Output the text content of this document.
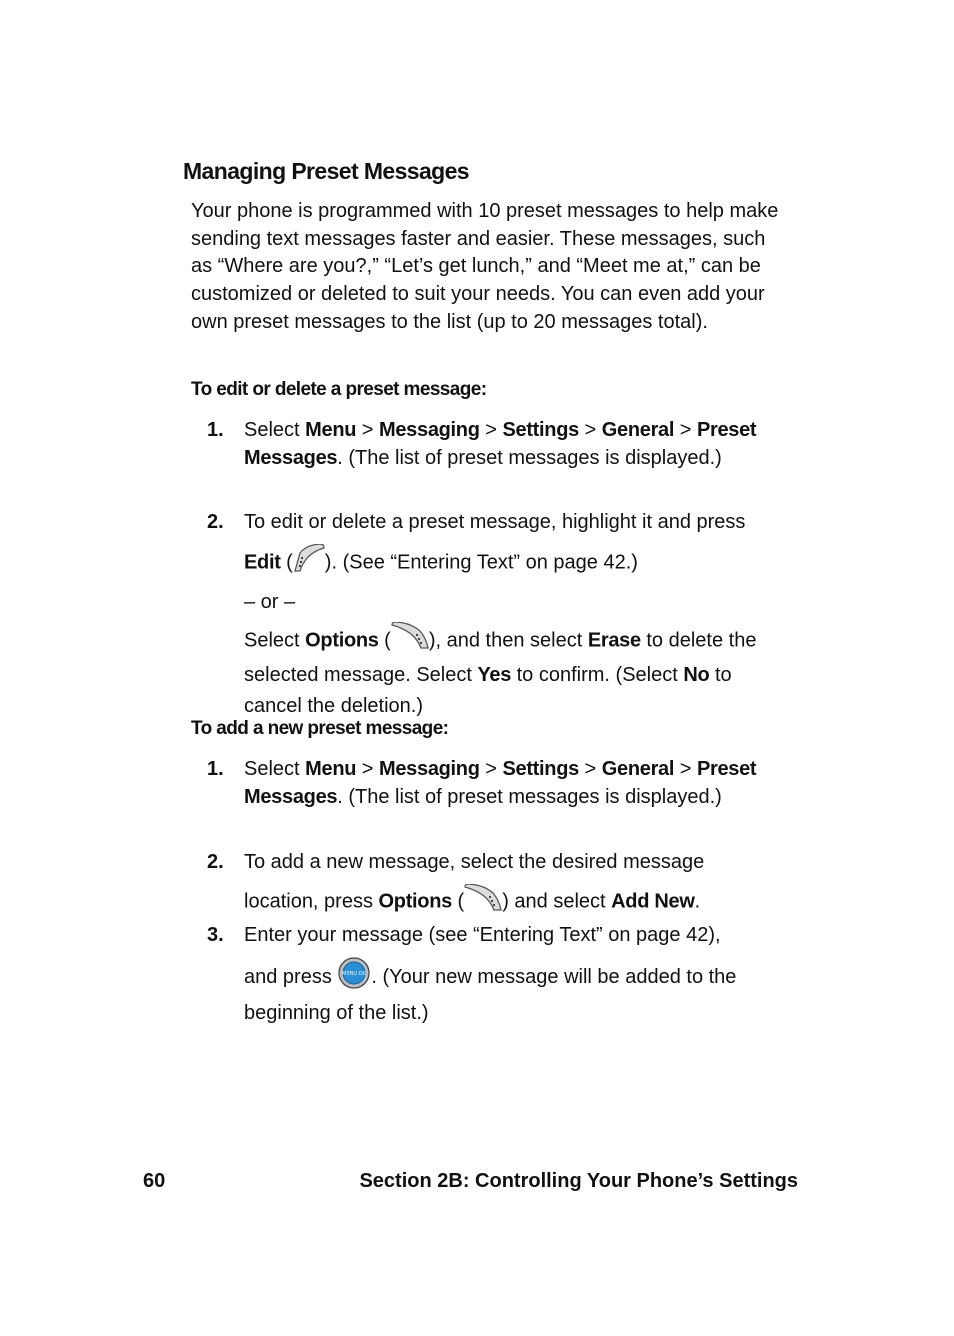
Managing Preset Messages

Your phone is programmed with 10 preset messages to help make sending text messages faster and easier. These messages, such as “Where are you?,” “Let’s get lunch,” and “Meet me at,” can be customized or deleted to suit your needs. You can even add your own preset messages to the list (up to 20 messages total).

To edit or delete a preset message:

1. Select Menu > Messaging > Settings > General > Preset Messages. (The list of preset messages is displayed.)
2. To edit or delete a preset message, highlight it and press
Edit ( ). (See “Entering Text” on page 42.)
– or –
Select Options ( ), and then select Erase to delete the selected message. Select Yes to confirm. (Select No to cancel the deletion.)

To add a new preset message:

1. Select Menu > Messaging > Settings > General > Preset Messages. (The list of preset messages is displayed.)
2. To add a new message, select the desired message
location, press Options ( ) and select Add New.
3. Enter your message (see “Entering Text” on page 42),
and press MENU OK . (Your new message will be added to the beginning of the list.)
60	Section 2B: Controlling Your Phone’s Settings
